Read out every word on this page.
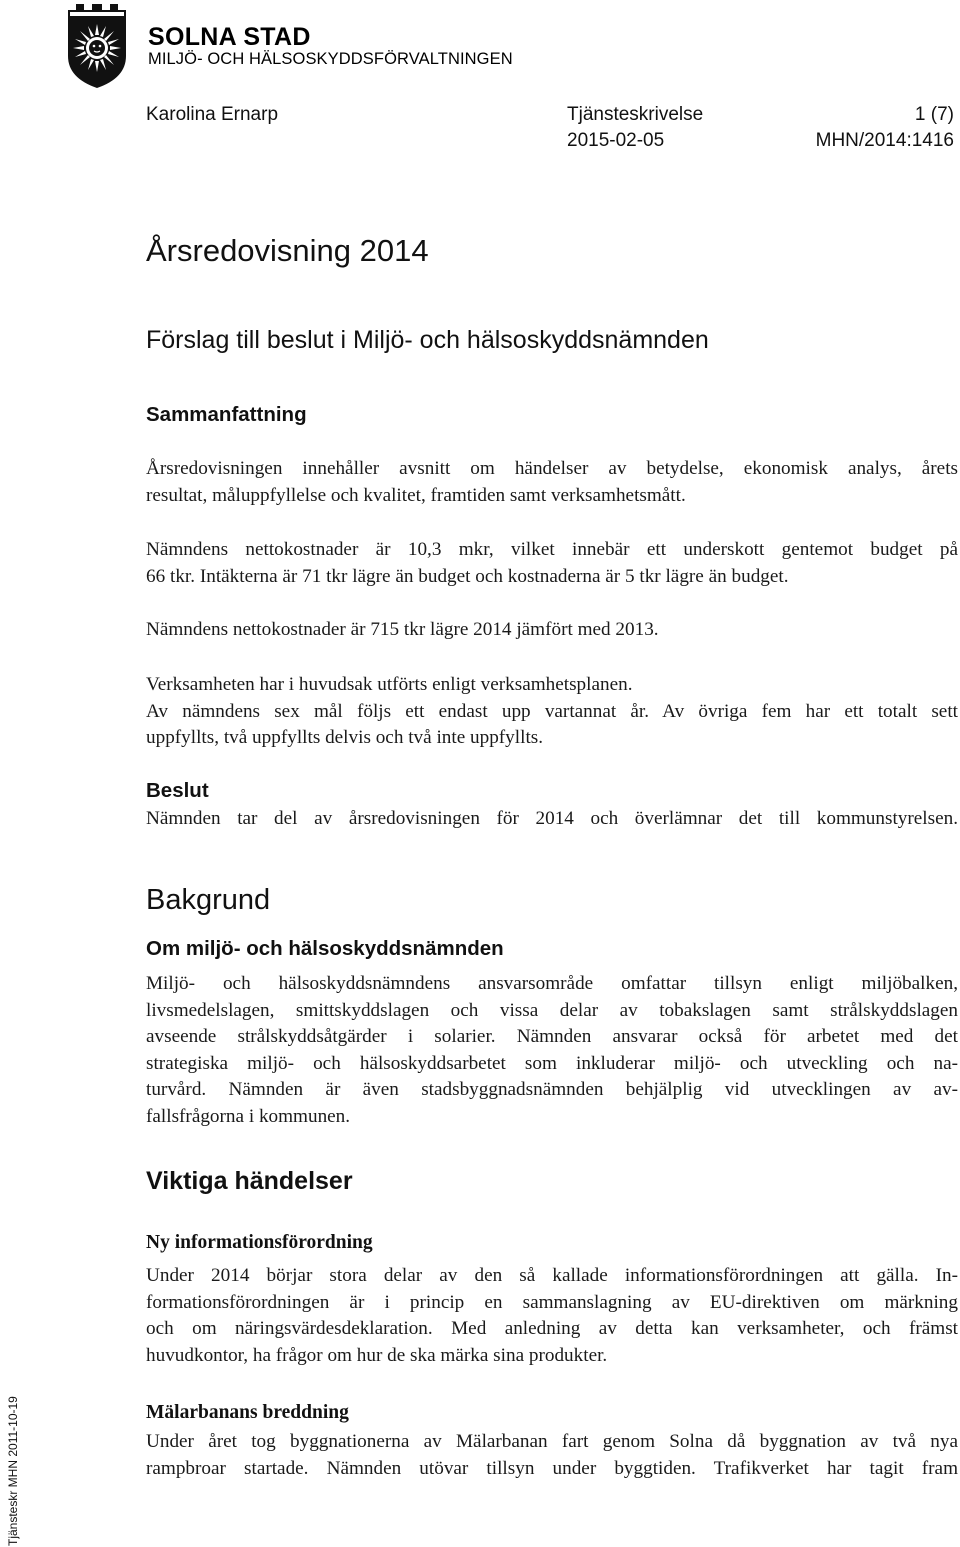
SOLNA STAD
MILJÖ- OCH HÄLSOSKYDDSFÖRVALTNINGEN
Karolina Ernarp	Tjänsteskrivelse	1 (7)
2015-02-05	MHN/2014:1416
Årsredovisning 2014
Förslag till beslut i Miljö- och hälsoskyddsnämnden
Sammanfattning
Årsredovisningen innehåller avsnitt om händelser av betydelse, ekonomisk analys, årets
resultat, måluppfyllelse och kvalitet, framtiden samt verksamhetsmått.
Nämndens nettokostnader är 10,3 mkr, vilket innebär ett underskott gentemot budget på
66 tkr. Intäkterna är 71 tkr lägre än budget och kostnaderna är 5 tkr lägre än budget.
Nämndens nettokostnader är 715 tkr lägre 2014 jämfört med 2013.
Verksamheten har i huvudsak utförts enligt verksamhetsplanen.
Av nämndens sex mål följs ett endast upp vartannat år. Av övriga fem har ett totalt sett
uppfyllts, två uppfyllts delvis och två inte uppfyllts.
Beslut
Nämnden tar del av årsredovisningen för 2014 och överlämnar det till kommunstyrelsen.
Bakgrund
Om miljö- och hälsoskyddsnämnden
Miljö- och hälsoskyddsnämndens ansvarsområde omfattar tillsyn enligt miljöbalken,
livsmedelslagen, smittskyddslagen och vissa delar av tobakslagen samt strålskyddslagen
avseende strålskyddsåtgärder i solarier. Nämnden ansvarar också för arbetet med det
strategiska miljö- och hälsoskyddsarbetet som inkluderar miljö- och utveckling och na-
turvård. Nämnden är även stadsbyggnadsnämnden behjälplig vid utvecklingen av av-
fallsfrågorna i kommunen.
Viktiga händelser
Ny informationsförordning
Under 2014 börjar stora delar av den så kallade informationsförordningen att gälla. In-
formationsförordningen är i princip en sammanslagning av EU-direktiven om märkning
och om näringsvärdesdeklaration. Med anledning av detta kan verksamheter, och främst
huvudkontor, ha frågor om hur de ska märka sina produkter.
Mälarbanans breddning
Under året tog byggnationerna av Mälarbanan fart genom Solna då byggnation av två nya
rampbroar startade. Nämnden utövar tillsyn under byggtiden. Trafikverket har tagit fram
Tjänsteskr MHN 2011-10-19
